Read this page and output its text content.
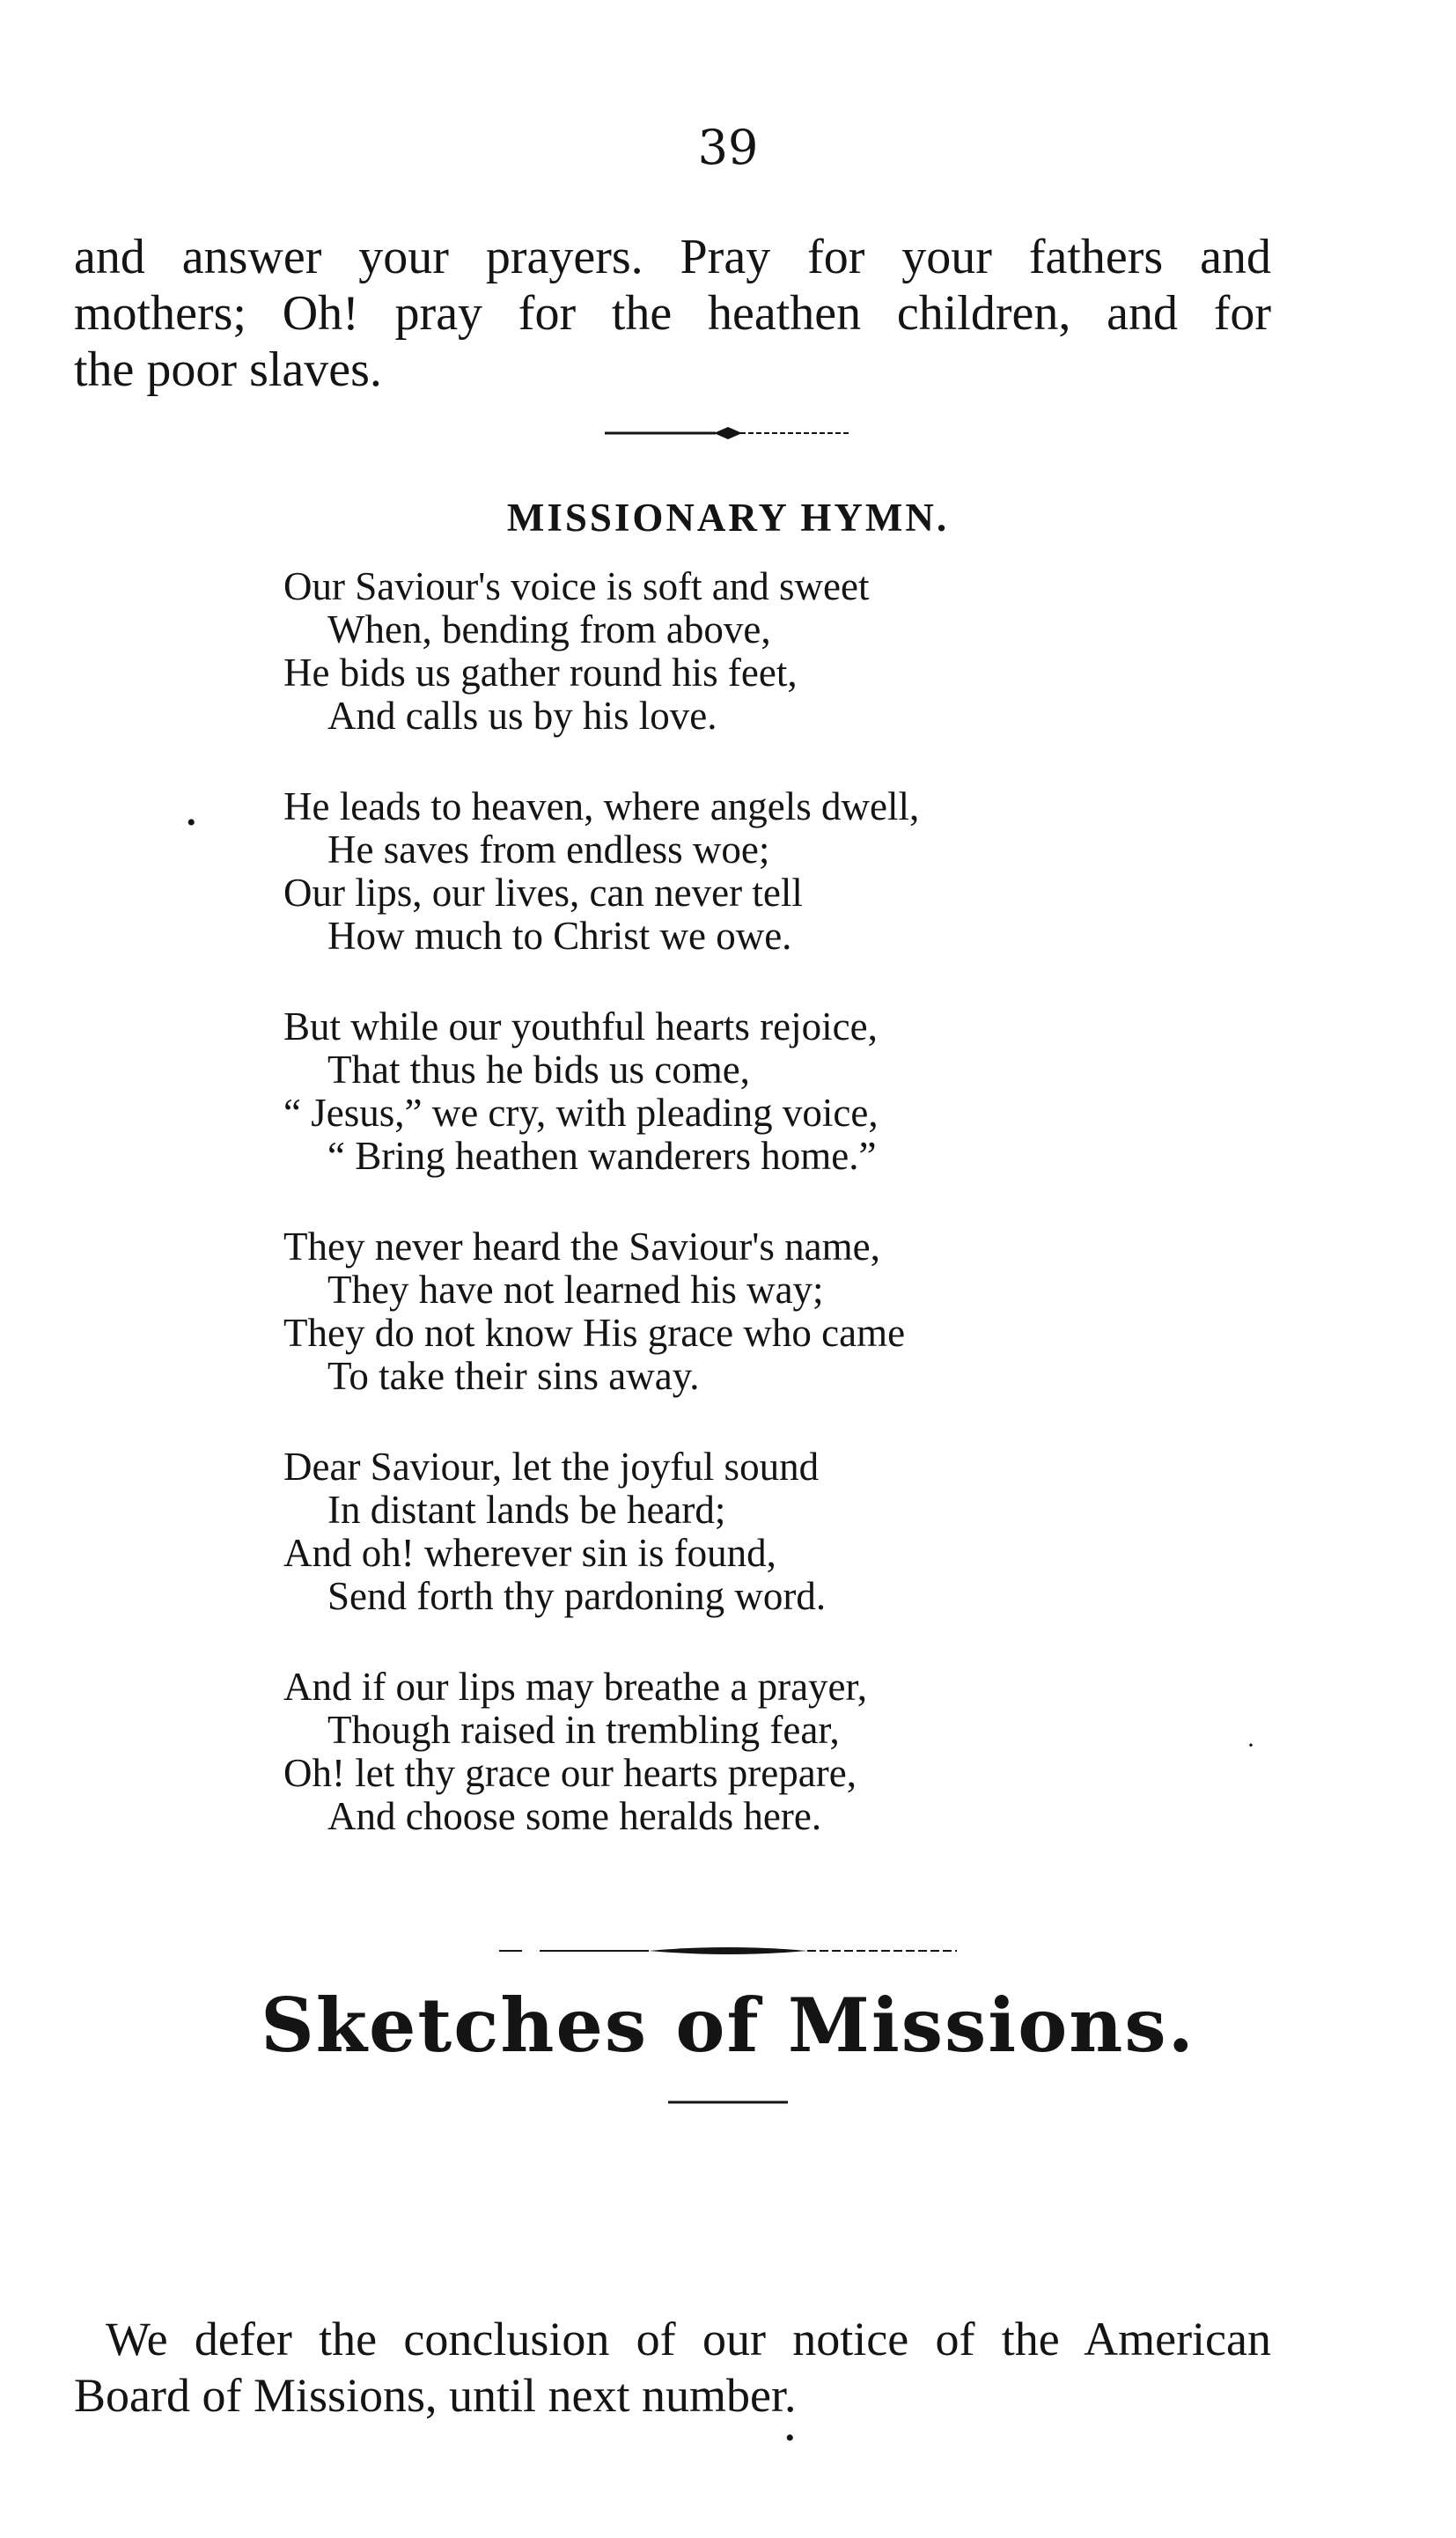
39
and answer your prayers. Pray for your fathers and
mothers; Oh! pray for the heathen children, and for
the poor slaves.
MISSIONARY HYMN.
Our Saviour's voice is soft and sweet
When, bending from above,
He bids us gather round his feet,
And calls us by his love.
He leads to heaven, where angels dwell,
He saves from endless woe;
Our lips, our lives, can never tell
How much to Christ we owe.
But while our youthful hearts rejoice,
That thus he bids us come,
“ Jesus,” we cry, with pleading voice,
“ Bring heathen wanderers home.”
They never heard the Saviour's name,
They have not learned his way;
They do not know His grace who came
To take their sins away.
Dear Saviour, let the joyful sound
In distant lands be heard;
And oh! wherever sin is found,
Send forth thy pardoning word.
And if our lips may breathe a prayer,
Though raised in trembling fear,
Oh! let thy grace our hearts prepare,
And choose some heralds here.
•
Sketches of Missions.
We defer the conclusion of our notice of the American
Board of Missions, until next number.
·
•
